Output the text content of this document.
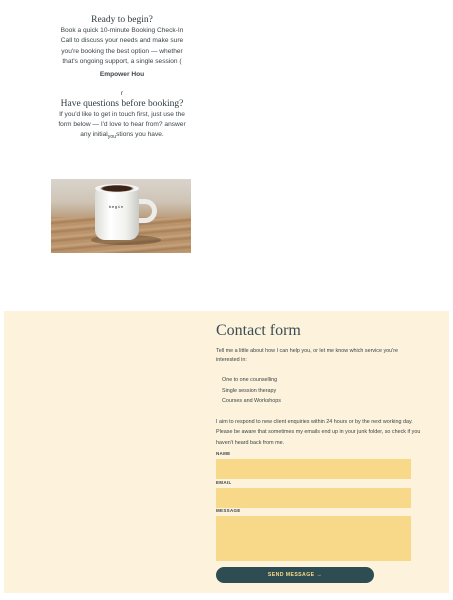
Ready to begin?

Book a quick 10-minute Booking Check-In Call to discuss your needs and make sure you're booking the best option — whether that's ongoing support, a single session (

Empower Hou
r
Have questions before booking?

If you'd like to get in touch first, just use the form below — I'd love to hear from? answer any initial$_{you}$stions you have.

begin
Contact form

Tell me a little about how I can help you, or let me know which service you're interested in:

One to one counselling
Single session therapy
Courses and Workshops

I aim to respond to new client enquiries within 24 hours or by the next working day. Please be aware that sometimes my emails end up in your junk folder, so check if you haven't heard back from me.

NAME
EMAIL
MESSAGE
SEND MESSAGE →
